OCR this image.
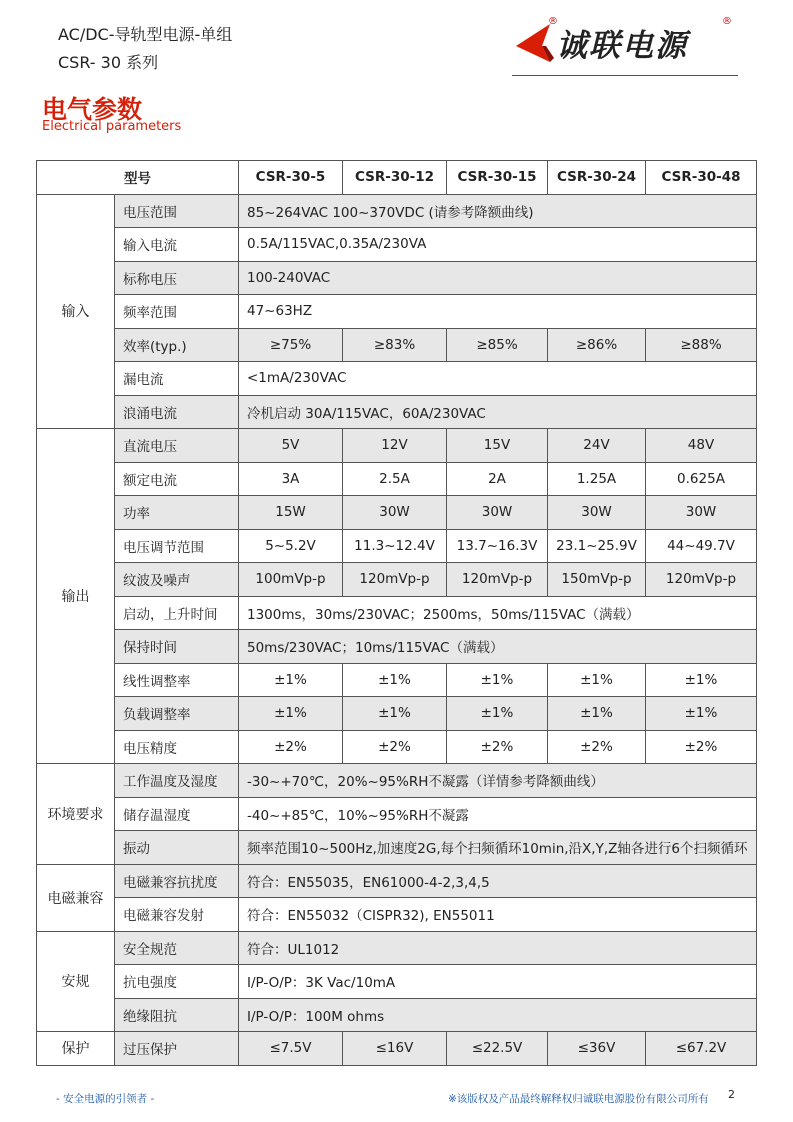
AC/DC-导轨型电源-单组
CSR- 30 系列
®
诚联电源
®
电气参数
Electrical parameters
型号		CSR-30-5	CSR-30-12	CSR-30-15	CSR-30-24	CSR-30-48
输入	电压范围	85~264VAC 100~370VDC (请参考降额曲线)				
	输入电流	0.5A/115VAC,0.35A/230VA				
	标称电压	100-240VAC				
	频率范围	47~63HZ				
	效率(typ.)	≥75%	≥83%	≥85%	≥86%	≥88%
	漏电流	<1mA/230VAC				
	浪涌电流	冷机启动 30A/115VAC，60A/230VAC				
输出	直流电压	5V	12V	15V	24V	48V
	额定电流	3A	2.5A	2A	1.25A	0.625A
	功率	15W	30W	30W	30W	30W
	电压调节范围	5~5.2V	11.3~12.4V	13.7~16.3V	23.1~25.9V	44~49.7V
	纹波及噪声	100mVp-p	120mVp-p	120mVp-p	150mVp-p	120mVp-p
	启动，上升时间	1300ms，30ms/230VAC；2500ms，50ms/115VAC（满载）				
	保持时间	50ms/230VAC；10ms/115VAC（满载）				
	线性调整率	±1%	±1%	±1%	±1%	±1%
	负载调整率	±1%	±1%	±1%	±1%	±1%
	电压精度	±2%	±2%	±2%	±2%	±2%
环境要求	工作温度及湿度	-30~+70℃，20%~95%RH不凝露（详情参考降额曲线）				
	储存温湿度	-40~+85℃，10%~95%RH不凝露				
	振动	频率范围10~500Hz,加速度2G,每个扫频循环10min,沿X,Y,Z轴各进行6个扫频循环				
电磁兼容	电磁兼容抗扰度	符合：EN55035，EN61000-4-2,3,4,5				
	电磁兼容发射	符合：EN55032（CISPR32), EN55011				
安规	安全规范	符合：UL1012				
	抗电强度	I/P-O/P：3K Vac/10mA				
	绝缘阻抗	I/P-O/P：100M ohms				
保护	过压保护	≤7.5V	≤16V	≤22.5V	≤36V	≤67.2V
- 安全电源的引领者 -	※该版权及产品最终解释权归诚联电源股份有限公司所有 2
